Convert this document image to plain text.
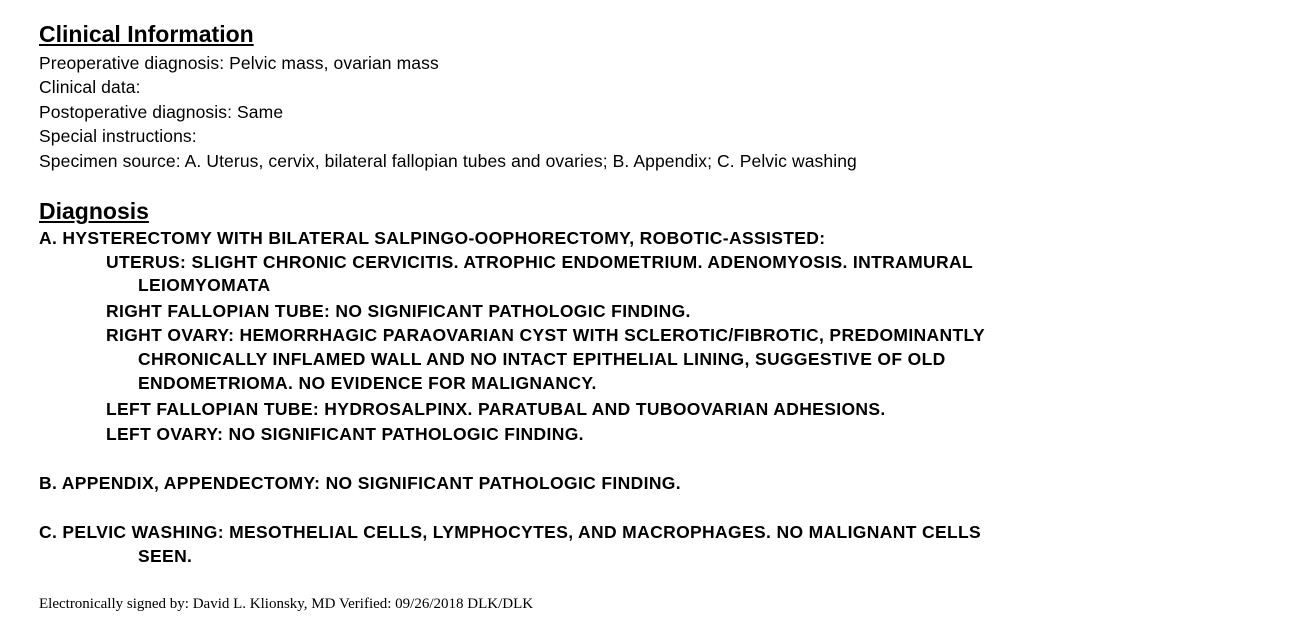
Clinical Information
Preoperative diagnosis: Pelvic mass, ovarian mass
Clinical data:
Postoperative diagnosis: Same
Special instructions:
Specimen source: A. Uterus, cervix, bilateral fallopian tubes and ovaries; B. Appendix; C. Pelvic washing
Diagnosis
A. HYSTERECTOMY WITH BILATERAL SALPINGO-OOPHORECTOMY, ROBOTIC-ASSISTED:
UTERUS: SLIGHT CHRONIC CERVICITIS. ATROPHIC ENDOMETRIUM. ADENOMYOSIS. INTRAMURAL
LEIOMYOMATA
RIGHT FALLOPIAN TUBE: NO SIGNIFICANT PATHOLOGIC FINDING.
RIGHT OVARY: HEMORRHAGIC PARAOVARIAN CYST WITH SCLEROTIC/FIBROTIC, PREDOMINANTLY
CHRONICALLY INFLAMED WALL AND NO INTACT EPITHELIAL LINING, SUGGESTIVE OF OLD
ENDOMETRIOMA. NO EVIDENCE FOR MALIGNANCY.
LEFT FALLOPIAN TUBE: HYDROSALPINX. PARATUBAL AND TUBOOVARIAN ADHESIONS.
LEFT OVARY: NO SIGNIFICANT PATHOLOGIC FINDING.
B. APPENDIX, APPENDECTOMY: NO SIGNIFICANT PATHOLOGIC FINDING.
C. PELVIC WASHING: MESOTHELIAL CELLS, LYMPHOCYTES, AND MACROPHAGES. NO MALIGNANT CELLS
SEEN.
Electronically signed by: David L. Klionsky, MD Verified: 09/26/2018 DLK/DLK
